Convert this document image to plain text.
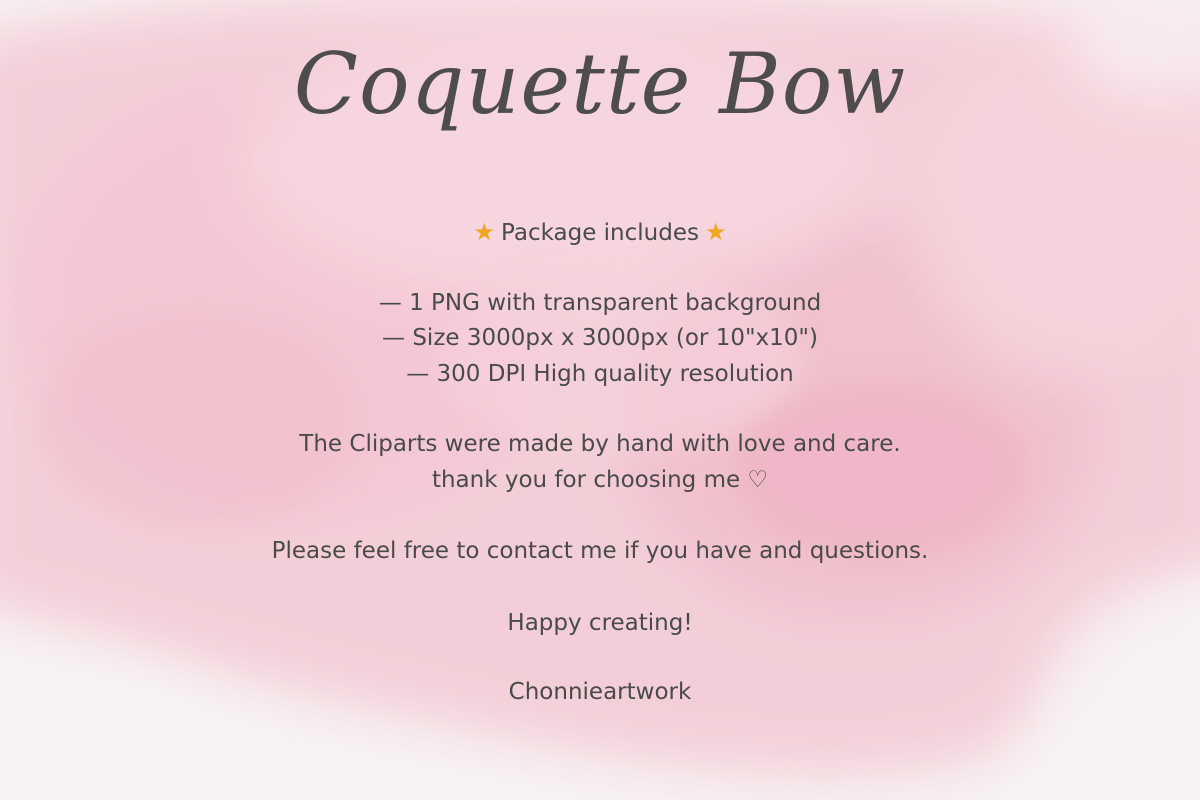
Coquette Bow

★ Package includes ★

— 1 PNG with transparent background

— Size 3000px x 3000px (or 10"x10")

— 300 DPI High quality resolution

The Cliparts were made by hand with love and care.

thank you for choosing me ♡

Please feel free to contact me if you have and questions.

Happy creating!

Chonnieartwork
